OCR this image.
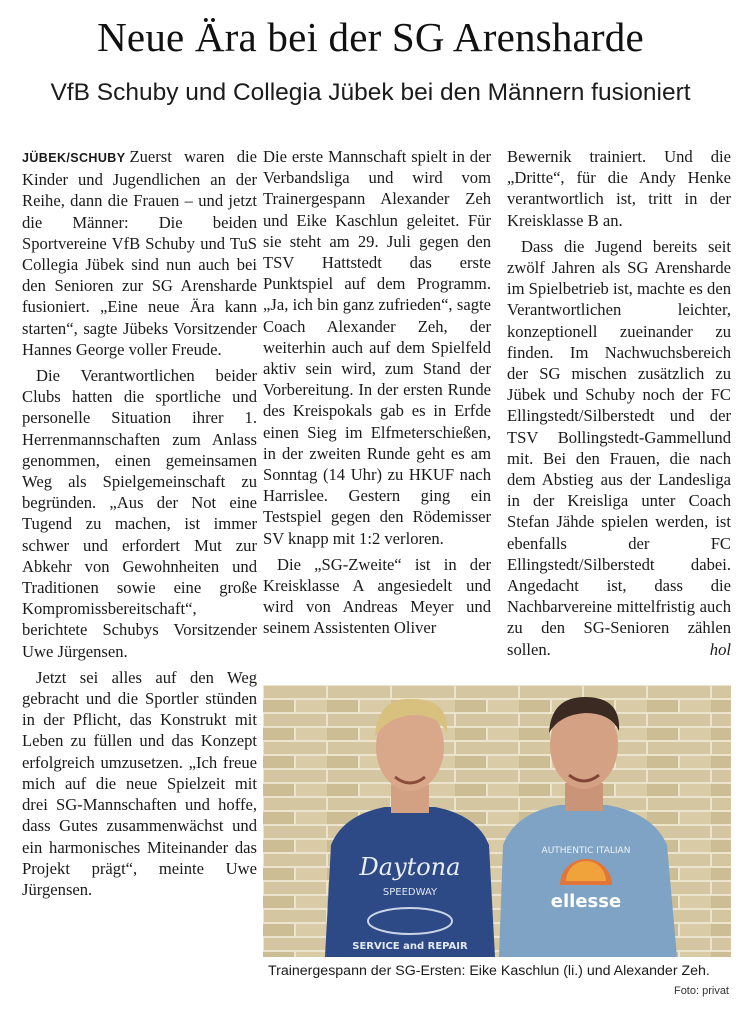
Neue Ära bei der SG Arensharde
VfB Schuby und Collegia Jübek bei den Männern fusioniert

JÜBEK/SCHUBY Zuerst waren die Kinder und Jugendlichen an der Reihe, dann die Frauen – und jetzt die Männer: Die beiden Sportvereine VfB Schuby und TuS Collegia Jübek sind nun auch bei den Senioren zur SG Arensharde fusioniert. „Eine neue Ära kann starten“, sagte Jübeks Vorsitzender Hannes George voller Freude.

Die Verantwortlichen beider Clubs hatten die sportliche und personelle Situation ihrer 1. Herrenmannschaften zum Anlass genommen, einen gemeinsamen Weg als Spielgemeinschaft zu begründen. „Aus der Not eine Tugend zu machen, ist immer schwer und erfordert Mut zur Abkehr von Gewohnheiten und Traditionen sowie eine große Kompromissbereitschaft“, berichtete Schubys Vorsitzender Uwe Jürgensen.

Jetzt sei alles auf den Weg gebracht und die Sportler stünden in der Pflicht, das Konstrukt mit Leben zu füllen und das Konzept erfolgreich umzusetzen. „Ich freue mich auf die neue Spielzeit mit drei SG-Mannschaften und hoffe, dass Gutes zusammenwächst und ein harmonisches Miteinander das Projekt prägt“, meinte Uwe Jürgensen.

Die erste Mannschaft spielt in der Verbandsliga und wird vom Trainergespann Alexander Zeh und Eike Kaschlun geleitet. Für sie steht am 29. Juli gegen den TSV Hattstedt das erste Punktspiel auf dem Programm. „Ja, ich bin ganz zufrieden“, sagte Coach Alexander Zeh, der weiterhin auch auf dem Spielfeld aktiv sein wird, zum Stand der Vorbereitung. In der ersten Runde des Kreispokals gab es in Erfde einen Sieg im Elfmeterschießen, in der zweiten Runde geht es am Sonntag (14 Uhr) zu HKUF nach Harrislee. Gestern ging ein Testspiel gegen den Rödemisser SV knapp mit 1:2 verloren.

Die „SG-Zweite“ ist in der Kreisklasse A angesiedelt und wird von Andreas Meyer und seinem Assistenten Oliver

Bewernik trainiert. Und die „Dritte“, für die Andy Henke verantwortlich ist, tritt in der Kreisklasse B an.

Dass die Jugend bereits seit zwölf Jahren als SG Arensharde im Spielbetrieb ist, machte es den Verantwortlichen leichter, konzeptionell zueinander zu finden. Im Nachwuchsbereich der SG mischen zusätzlich zu Jübek und Schuby noch der FC Ellingstedt/Silberstedt und der TSV Bollingstedt-Gammellund mit. Bei den Frauen, die nach dem Abstieg aus der Landesliga in der Kreisliga unter Coach Stefan Jähde spielen werden, ist ebenfalls der FC Ellingstedt/Silberstedt dabei. Angedacht ist, dass die Nachbarvereine mittelfristig auch zu den SG-Senioren zählen sollen.	hol

Daytona
SPEEDWAY
SERVICE and REPAIR
AUTHENTIC ITALIAN
ellesse
Trainergespann der SG-Ersten: Eike Kaschlun (li.) und Alexander Zeh.
Foto: privat
